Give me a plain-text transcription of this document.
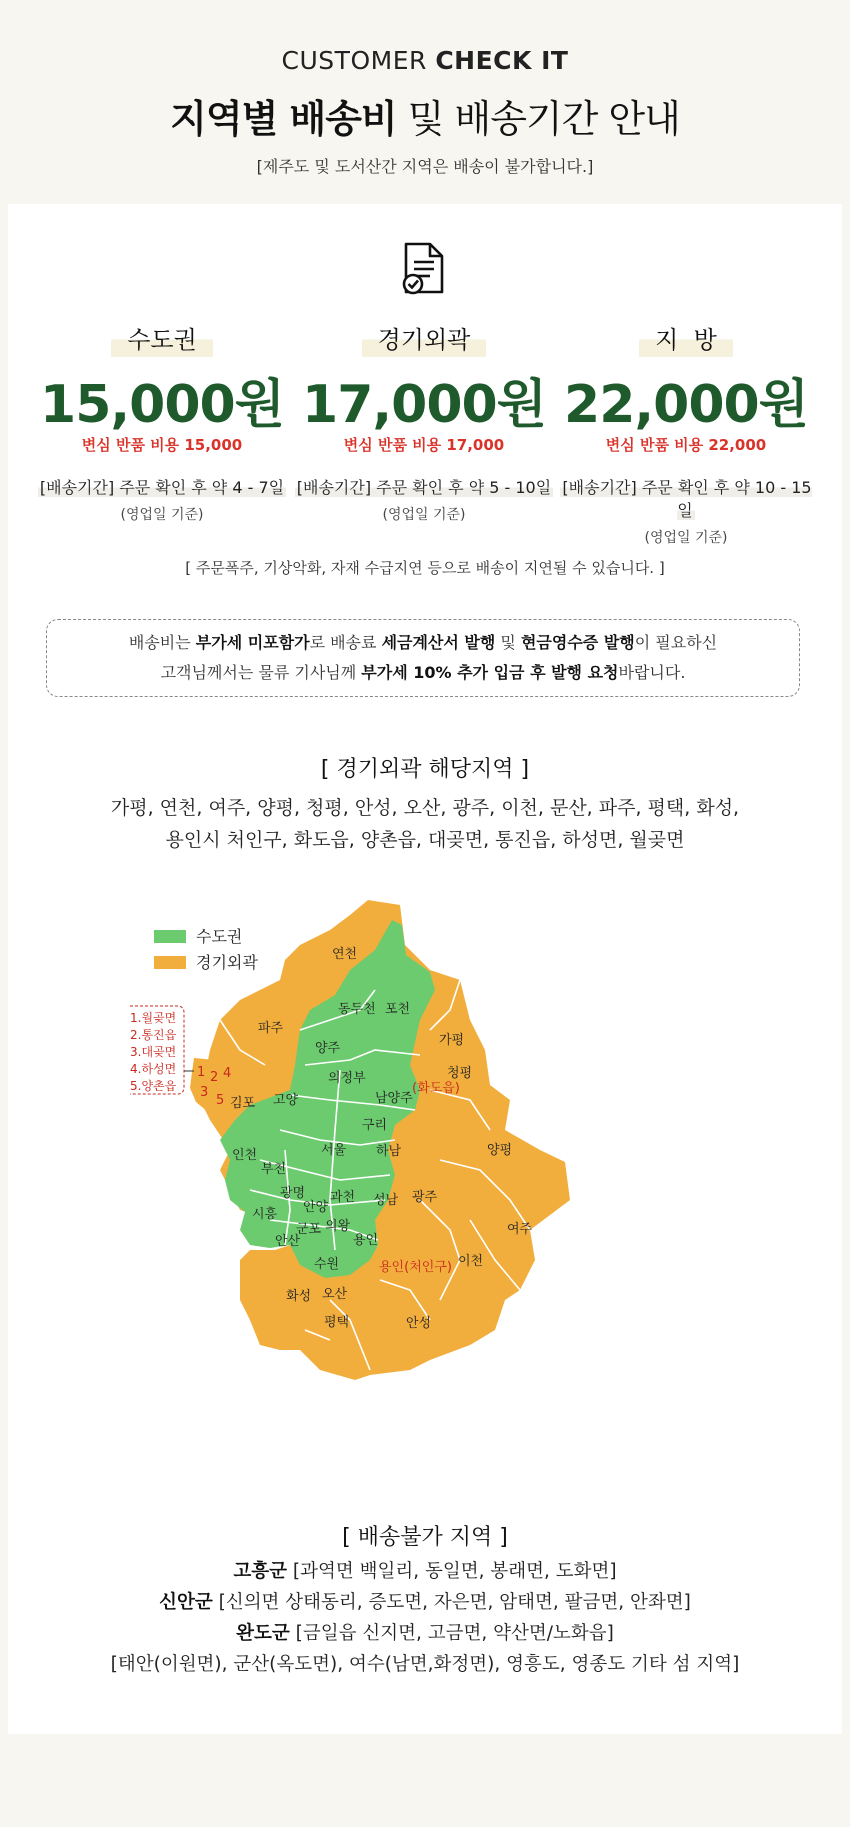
CUSTOMER CHECK IT
지역별 배송비 및 배송기간 안내
[제주도 및 도서산간 지역은 배송이 불가합니다.]
수도권
15,000원
변심 반품 비용 15,000
[배송기간] 주문 확인 후 약 4 - 7일
(영업일 기준)
경기외곽
17,000원
변심 반품 비용 17,000
[배송기간] 주문 확인 후 약 5 - 10일
(영업일 기준)
지  방
22,000원
변심 반품 비용 22,000
[배송기간] 주문 확인 후 약 10 - 15일
(영업일 기준)
[ 주문폭주, 기상악화, 자재 수급지연 등으로 배송이 지연될 수 있습니다. ]
배송비는 부가세 미포함가로 배송료 세금계산서 발행 및 현금영수증 발행이 필요하신
고객님께서는 물류 기사님께 부가세 10% 추가 입금 후 발행 요청바랍니다.
[ 경기외곽 해당지역 ]
가평, 연천, 여주, 양평, 청평, 안성, 오산, 광주, 이천, 문산, 파주, 평택, 화성,
용인시 처인구, 화도읍, 양촌읍, 대곶면, 통진읍, 하성면, 월곶면
수도권
경기외곽
1 2 4
3
5
1.월곶면
2.통진읍
3.대곶면
4.하성면
5.양촌읍
연천
동두천 포천
파주
가평
양주
의정부	청평
김포 고양	남양주
(화도읍)
구리
인천	서울 하남	양평
부천
광명
시흥 안양
과천 성남 광주
군포 의왕
안산	용인
여주
수원	용인(처인구) 이천
화성 오산
평택	안성
[ 배송불가 지역 ]
고흥군 [과역면 백일리, 동일면, 봉래면, 도화면]
신안군 [신의면 상태동리, 증도면, 자은면, 암태면, 팔금면, 안좌면]
완도군 [금일읍 신지면, 고금면, 약산면/노화읍]
[태안(이원면), 군산(옥도면), 여수(남면,화정면), 영흥도, 영종도 기타 섬 지역]
